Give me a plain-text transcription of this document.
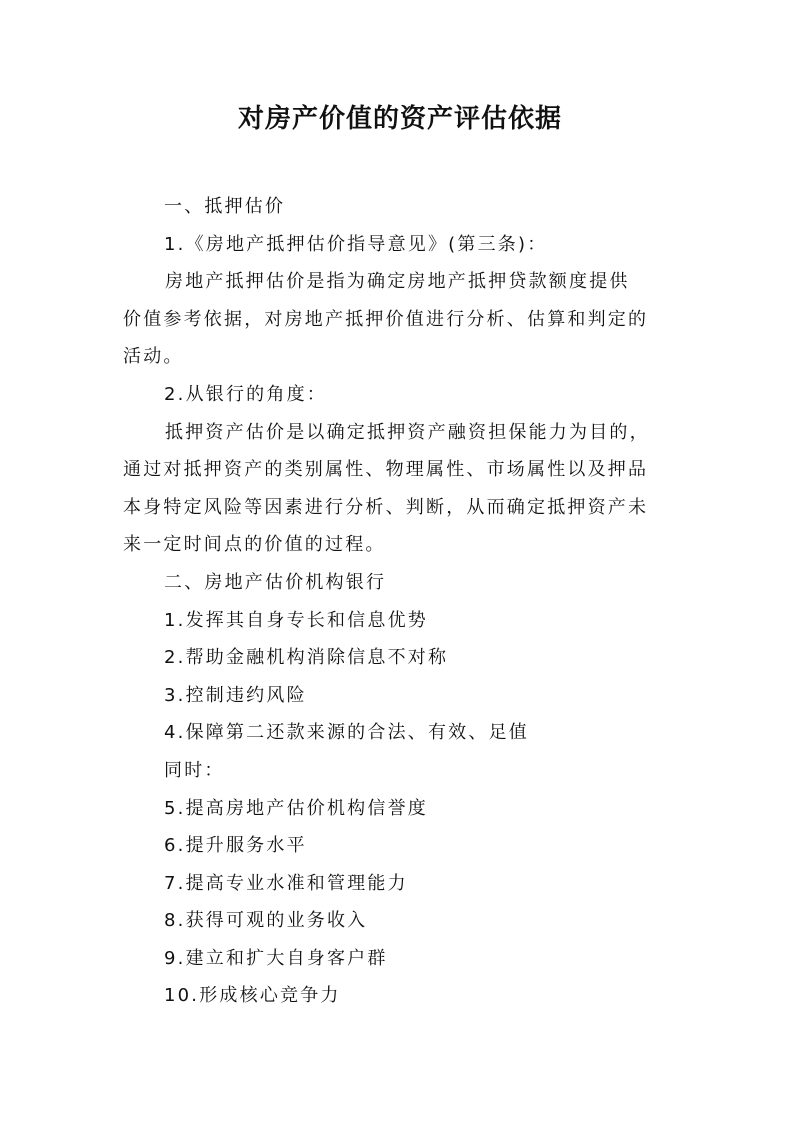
对房产价值的资产评估依据

一、抵押估价

1.《房地产抵押估价指导意见》(第三条)：

房地产抵押估价是指为确定房地产抵押贷款额度提供

价值参考依据，对房地产抵押价值进行分析、估算和判定的

活动。

2.从银行的角度：

抵押资产估价是以确定抵押资产融资担保能力为目的，

通过对抵押资产的类别属性、物理属性、市场属性以及押品

本身特定风险等因素进行分析、判断，从而确定抵押资产未

来一定时间点的价值的过程。

二、房地产估价机构银行

1.发挥其自身专长和信息优势

2.帮助金融机构消除信息不对称

3.控制违约风险

4.保障第二还款来源的合法、有效、足值

同时：

5.提高房地产估价机构信誉度

6.提升服务水平

7.提高专业水准和管理能力

8.获得可观的业务收入

9.建立和扩大自身客户群

10.形成核心竞争力
